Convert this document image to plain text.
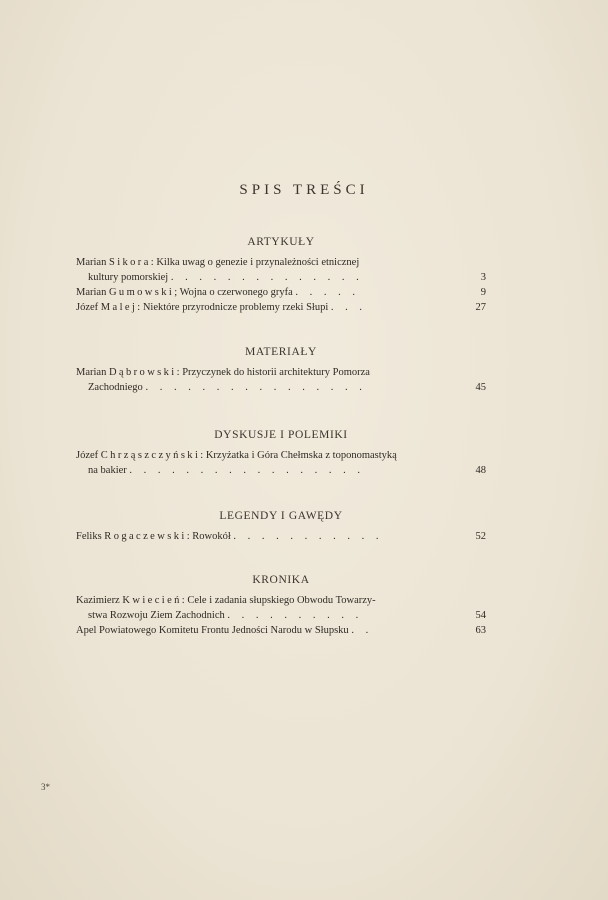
SPIS TREŚCI
ARTYKUŁY
Marian Sikora: Kilka uwag o genezie i przynależności etnicznej
kultury pomorskiej . . . . . . . . . . . . . .	3
Marian Gumowski; Wojna o czerwonego gryfa . . . . .	9
Józef Malej: Niektóre przyrodnicze problemy rzeki Słupi . . .	27
MATERIAŁY
Marian Dąbrowski: Przyczynek do historii architektury Pomorza
Zachodniego . . . . . . . . . . . . . . . .	45
DYSKUSJE I POLEMIKI
Józef Chrząszczyński: Krzyżatka i Góra Chełmska z toponomastyką
na bakier . . . . . . . . . . . . . . . . .	48
LEGENDY I GAWĘDY
Feliks Rogaczewski: Rowokół . . . . . . . . . . .	52
KRONIKA
Kazimierz Kwiecień: Cele i zadania słupskiego Obwodu Towarzy-
stwa Rozwoju Ziem Zachodnich . . . . . . . . . .	54
Apel Powiatowego Komitetu Frontu Jedności Narodu w Słupsku . .	63
3*
